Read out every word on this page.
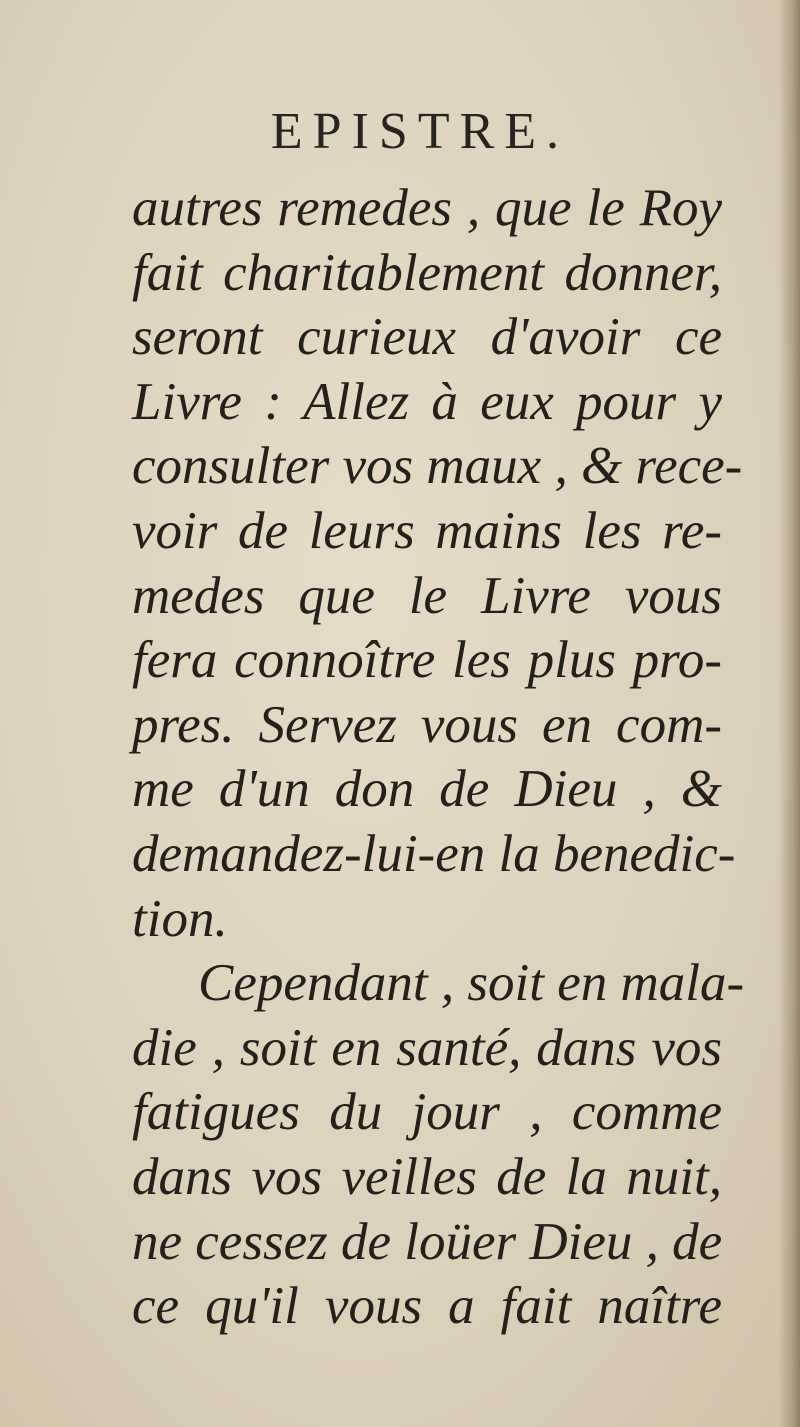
EPISTRE.
autres remedes , que le Roy
fait charitablement donner,
seront curieux d'avoir ce
Livre : Allez à eux pour y
consulter vos maux , & rece-
voir de leurs mains les re-
medes que le Livre vous
fera connoître les plus pro-
pres. Servez vous en com-
me d'un don de Dieu , &
demandez-lui-en la benedic-
tion.
Cependant , soit en mala-
die , soit en santé, dans vos
fatigues du jour , comme
dans vos veilles de la nuit,
ne cessez de loüer Dieu , de
ce qu'il vous a fait naître
